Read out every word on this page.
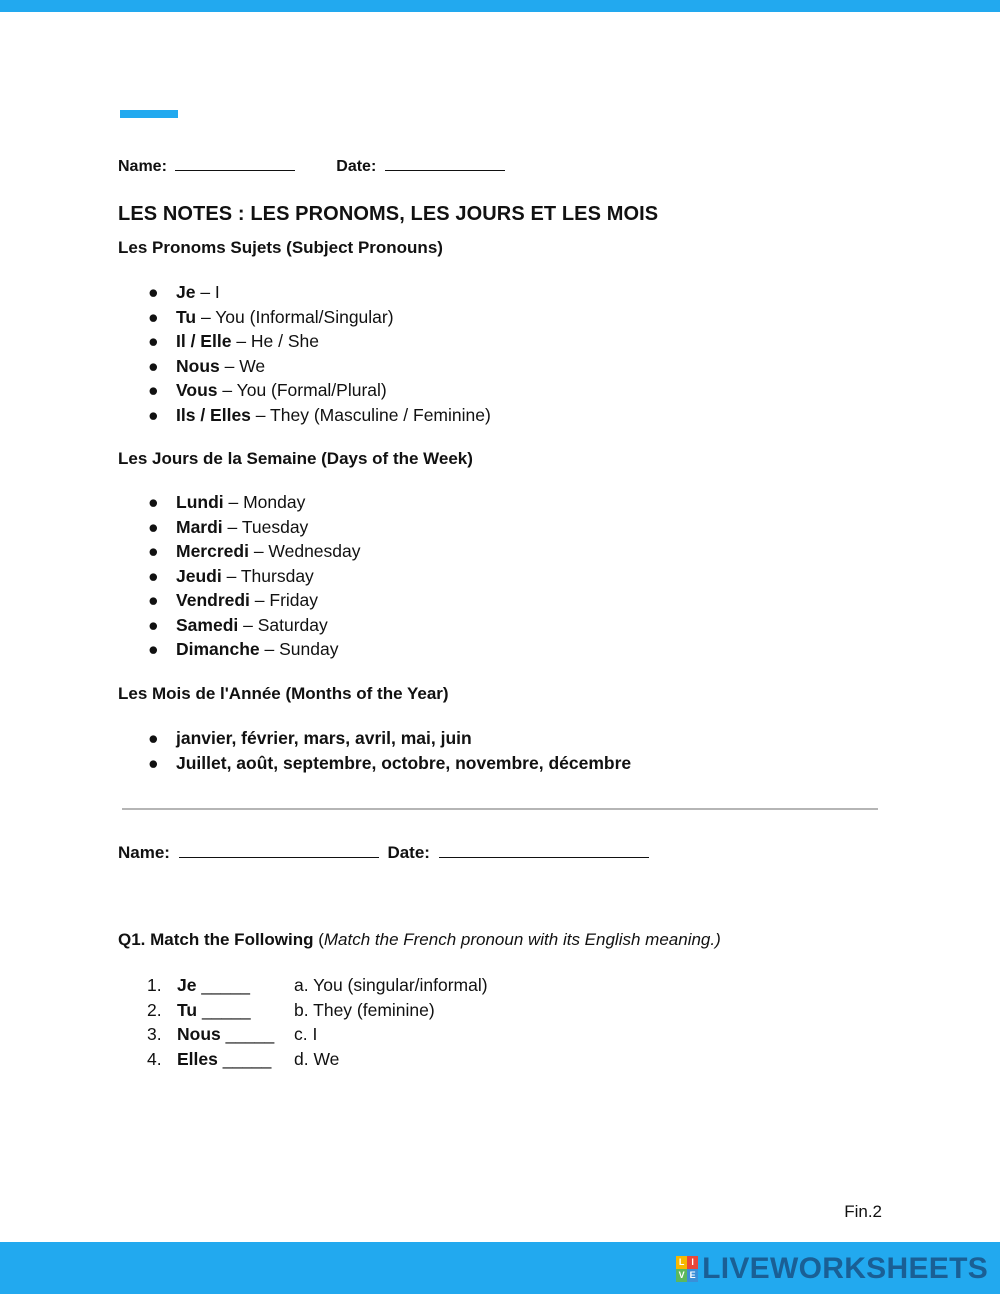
Name:	Date:
LES NOTES : LES PRONOMS, LES JOURS ET LES MOIS
Les Pronoms Sujets (Subject Pronouns)
● Je – I
● Tu – You (Informal/Singular)
● Il / Elle – He / She
● Nous – We
● Vous – You (Formal/Plural)
● Ils / Elles – They (Masculine / Feminine)
Les Jours de la Semaine (Days of the Week)
● Lundi – Monday
● Mardi – Tuesday
● Mercredi – Wednesday
● Jeudi – Thursday
● Vendredi – Friday
● Samedi – Saturday
● Dimanche – Sunday
Les Mois de l'Année (Months of the Year)
● janvier, février, mars, avril, mai, juin
● Juillet, août, septembre, octobre, novembre, décembre
Name:	Date:
Q1. Match the Following (Match the French pronoun with its English meaning.)
1. Je _____	a. You (singular/informal)
2. Tu _____ b. They (feminine)
3. Nous _____ c. I
4. Elles _____ d. We
Fin.2
L I
V E LIVEWORKSHEETS
